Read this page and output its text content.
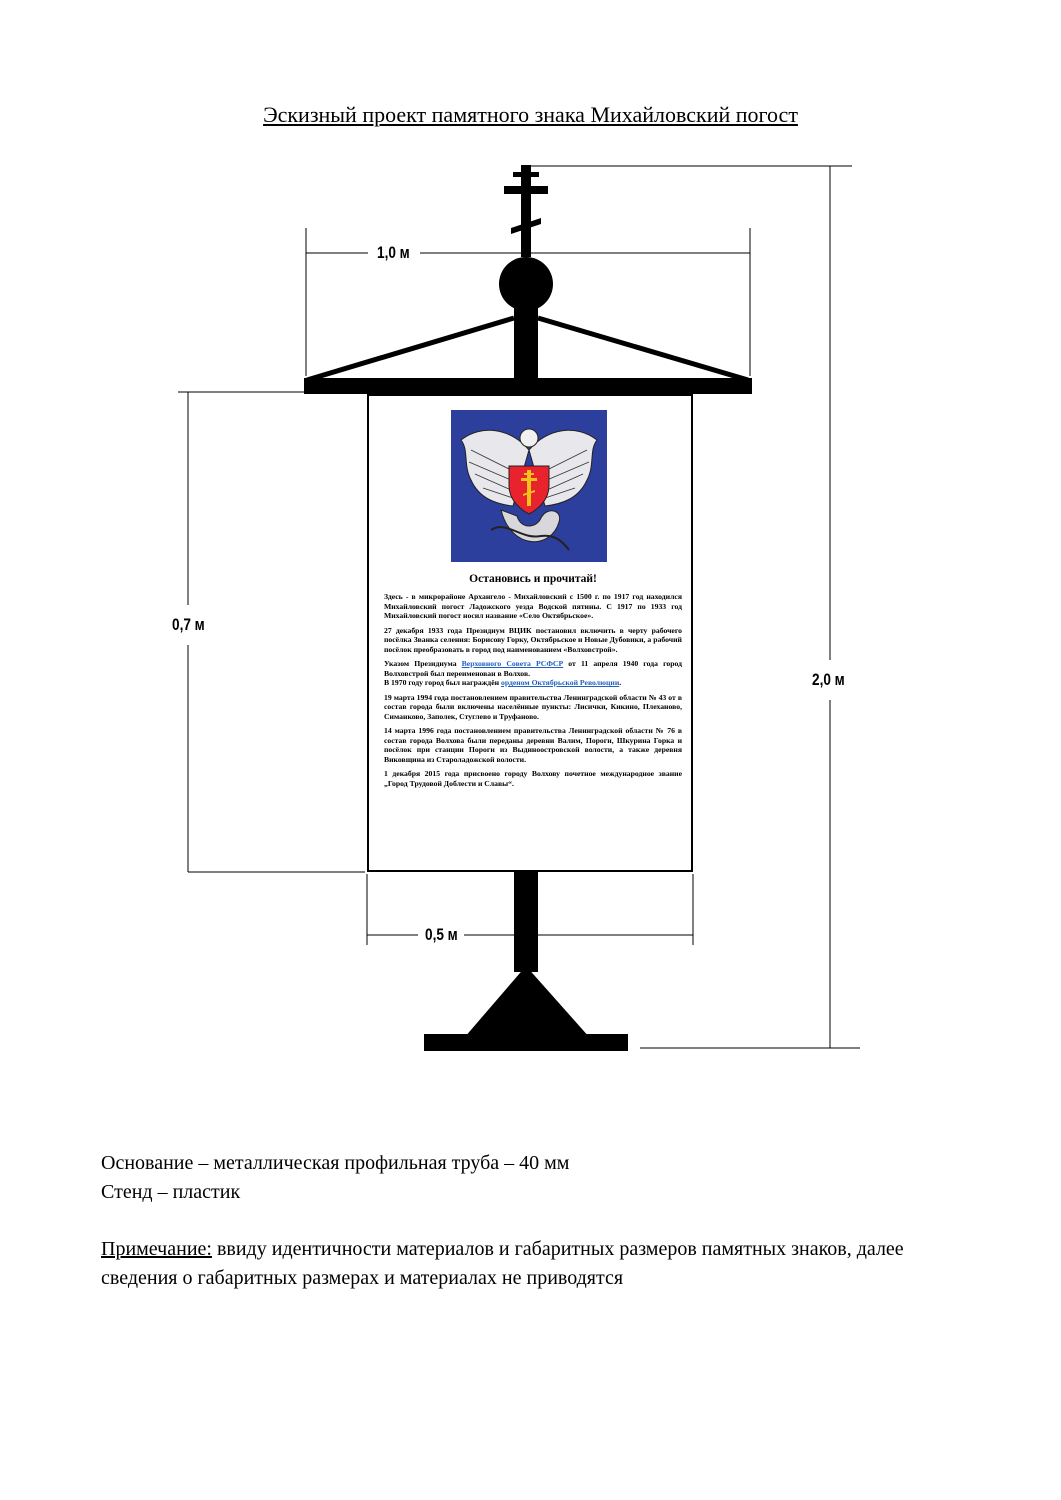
Эскизный проект памятного знака Михайловский погост
1,0 м
0,7 м
0,5 м
2,0 м
Остановись и прочитай!

Здесь - в микрорайоне Архангело - Михайловский с 1500 г. по 1917 год находился Михайловский погост Ладожского уезда Водской пятины. С 1917 по 1933 год Михайловский погост носил название «Село Октябрьское».

27 декабря 1933 года Президиум ВЦИК постановил включить в черту рабочего посёлка Званка селения: Борисову Горку, Октябрьское и Новые Дубовики, а рабочий посёлок преобразовать в город под наименованием «Волховстрой».

Указом Президиума Верховного Совета РСФСР от 11 апреля 1940 года город Волховстрой был переименован в Волхов.
В 1970 году город был награждён орденом Октябрьской Революции.

19 марта 1994 года постановлением правительства Ленинградской области № 43 от в состав города были включены населённые пункты: Лисички, Кикино, Плеханово, Симанково, Заполек, Стуглево и Труфаново.

14 марта 1996 года постановлением правительства Ленинградской области № 76 в состав города Волхова были переданы деревни Валим, Пороги, Шкурина Горка и посёлок при станции Пороги из Выдиноостровской волости, а также деревня Виковщина из Староладожской волости.

1 декабря 2015 года присвоено городу Волхову почетное международное звание „Город Трудовой Доблести и Славы“.

Основание – металлическая профильная труба – 40 мм

Стенд – пластик

Примечание: ввиду идентичности материалов и габаритных размеров памятных знаков, далее сведения о габаритных размерах и материалах не приводятся
